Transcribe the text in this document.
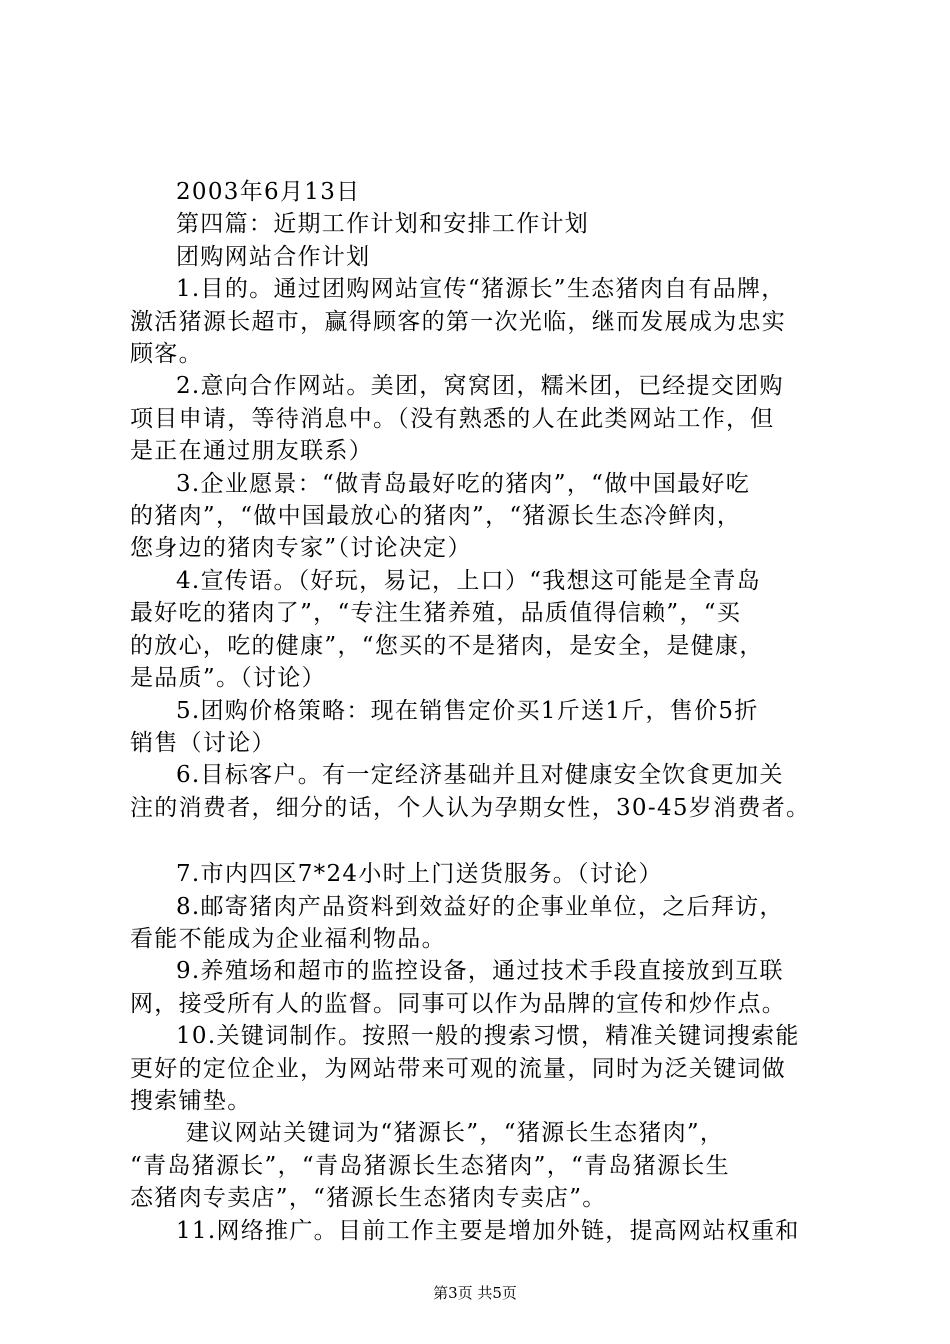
2003年6月13日
第四篇：近期工作计划和安排工作计划
团购网站合作计划
1.目的。通过团购网站宣传“猪源长”生态猪肉自有品牌，
激活猪源长超市，赢得顾客的第一次光临，继而发展成为忠实
顾客。
2.意向合作网站。美团，窝窝团，糯米团，已经提交团购
项目申请，等待消息中。（没有熟悉的人在此类网站工作，但
是正在通过朋友联系）
3.企业愿景：“做青岛最好吃的猪肉”，“做中国最好吃
的猪肉”，“做中国最放心的猪肉”，“猪源长生态冷鲜肉，
您身边的猪肉专家”（讨论决定）
4.宣传语。（好玩，易记，上口）“我想这可能是全青岛
最好吃的猪肉了”，“专注生猪养殖，品质值得信赖”，“买
的放心，吃的健康”，“您买的不是猪肉，是安全，是健康，
是品质”。（讨论）
5.团购价格策略：现在销售定价买1斤送1斤，售价5折
销售（讨论）
6.目标客户。有一定经济基础并且对健康安全饮食更加关
注的消费者，细分的话，个人认为孕期女性，30-45岁消费者。
7.市内四区7*24小时上门送货服务。（讨论）
8.邮寄猪肉产品资料到效益好的企事业单位，之后拜访，
看能不能成为企业福利物品。
9.养殖场和超市的监控设备，通过技术手段直接放到互联
网，接受所有人的监督。同事可以作为品牌的宣传和炒作点。
10.关键词制作。按照一般的搜索习惯，精准关键词搜索能
更好的定位企业，为网站带来可观的流量，同时为泛关键词做
搜索铺垫。
建议网站关键词为“猪源长”，“猪源长生态猪肉”，
“青岛猪源长”，“青岛猪源长生态猪肉”，“青岛猪源长生
态猪肉专卖店”，“猪源长生态猪肉专卖店”。
11.网络推广。目前工作主要是增加外链，提高网站权重和
第3页 共5页
